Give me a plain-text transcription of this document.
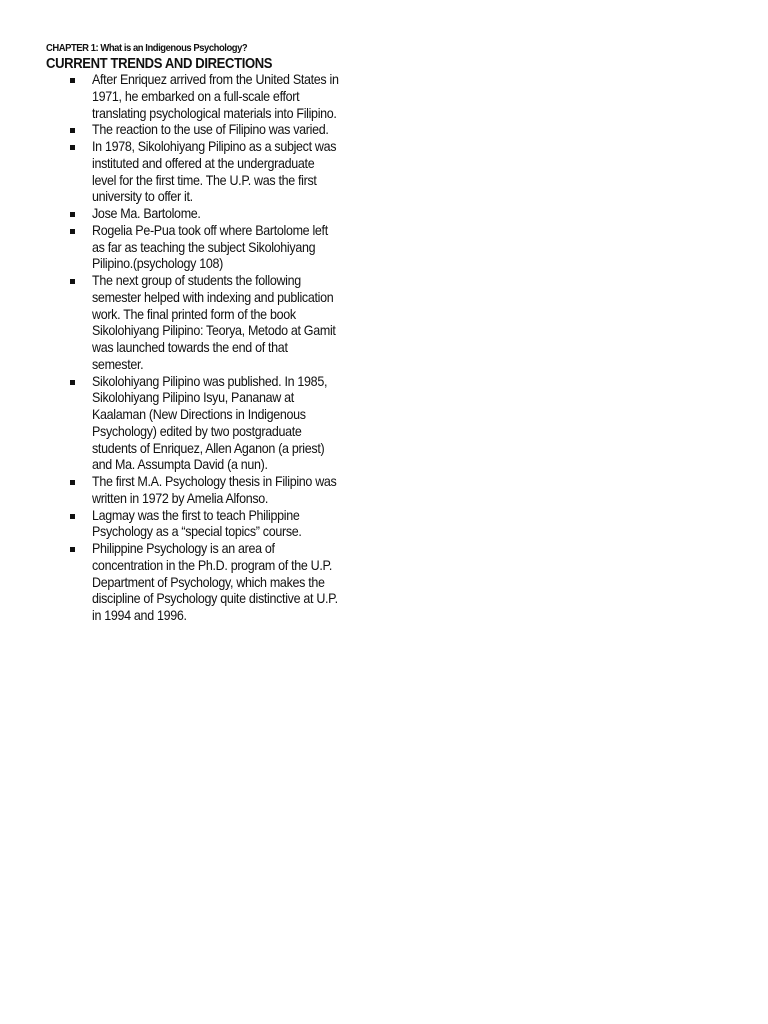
CHAPTER 1: What is an Indigenous Psychology?
CURRENT TRENDS AND DIRECTIONS
After Enriquez arrived from the United States in
1971, he embarked on a full-scale effort
translating psychological materials into Filipino.
The reaction to the use of Filipino was varied.
In 1978, Sikolohiyang Pilipino as a subject was
instituted and offered at the undergraduate
level for the first time. The U.P. was the first
university to offer it.
Jose Ma. Bartolome.
Rogelia Pe-Pua took off where Bartolome left
as far as teaching the subject Sikolohiyang
Pilipino.(psychology 108)
The next group of students the following
semester helped with indexing and publication
work. The final printed form of the book
Sikolohiyang Pilipino: Teorya, Metodo at Gamit
was launched towards the end of that
semester.
Sikolohiyang Pilipino was published. In 1985,
Sikolohiyang Pilipino Isyu, Pananaw at
Kaalaman (New Directions in Indigenous
Psychology) edited by two postgraduate
students of Enriquez, Allen Aganon (a priest)
and Ma. Assumpta David (a nun).
The first M.A. Psychology thesis in Filipino was
written in 1972 by Amelia Alfonso.
Lagmay was the first to teach Philippine
Psychology as a “special topics” course.
Philippine Psychology is an area of
concentration in the Ph.D. program of the U.P.
Department of Psychology, which makes the
discipline of Psychology quite distinctive at U.P.
in 1994 and 1996.
